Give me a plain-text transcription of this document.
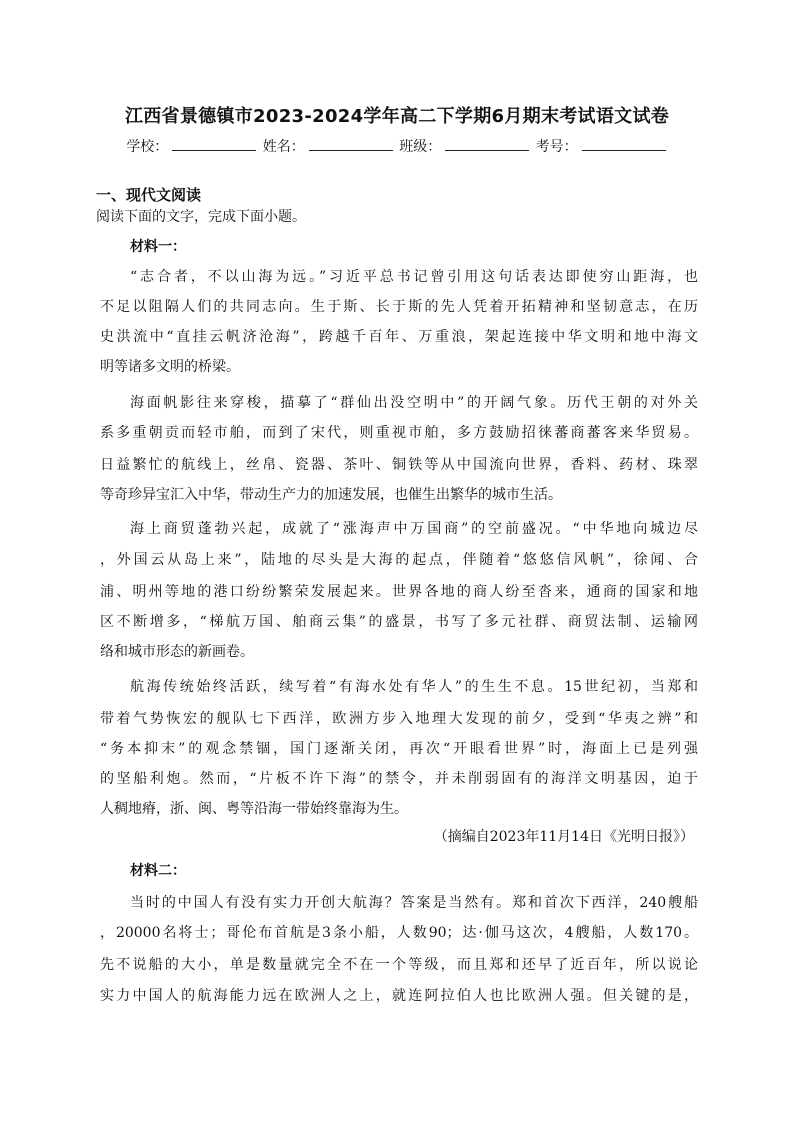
江西省景德镇市2023-2024学年高二下学期6月期末考试语文试卷
学校：	姓名：	班级：	考号：
一、现代文阅读
阅读下面的文字，完成下面小题。
材料一：
“志合者，不以山海为远。”习近平总书记曾引用这句话表达即使穷山距海，也
不足以阻隔人们的共同志向。生于斯、长于斯的先人凭着开拓精神和坚韧意志，在历
史洪流中“直挂云帆济沧海”，跨越千百年、万重浪，架起连接中华文明和地中海文
明等诸多文明的桥梁。
海面帆影往来穿梭，描摹了“群仙出没空明中”的开阔气象。历代王朝的对外关
系多重朝贡而轻市舶，而到了宋代，则重视市舶，多方鼓励招徕蕃商蕃客来华贸易。
日益繁忙的航线上，丝帛、瓷器、茶叶、铜铁等从中国流向世界，香料、药材、珠翠
等奇珍异宝汇入中华，带动生产力的加速发展，也催生出繁华的城市生活。
海上商贸蓬勃兴起，成就了“涨海声中万国商”的空前盛况。“中华地向城边尽
，外国云从岛上来”，陆地的尽头是大海的起点，伴随着“悠悠信风帆”，徐闻、合
浦、明州等地的港口纷纷繁荣发展起来。世界各地的商人纷至沓来，通商的国家和地
区不断增多，“梯航万国、舶商云集”的盛景，书写了多元社群、商贸法制、运输网
络和城市形态的新画卷。
航海传统始终活跃，续写着“有海水处有华人”的生生不息。15世纪初，当郑和
带着气势恢宏的舰队七下西洋，欧洲方步入地理大发现的前夕，受到“华夷之辨”和
“务本抑末”的观念禁锢，国门逐渐关闭，再次“开眼看世界”时，海面上已是列强
的坚船利炮。然而，“片板不许下海”的禁令，并未削弱固有的海洋文明基因，迫于
人稠地瘠，浙、闽、粤等沿海一带始终靠海为生。
（摘编自2023年11月14日《光明日报》）
材料二：
当时的中国人有没有实力开创大航海？答案是当然有。郑和首次下西洋，240艘船
，20000名将士；哥伦布首航是3条小船，人数90；达·伽马这次，4艘船，人数170。
先不说船的大小，单是数量就完全不在一个等级，而且郑和还早了近百年，所以说论
实力中国人的航海能力远在欧洲人之上，就连阿拉伯人也比欧洲人强。但关键的是，
